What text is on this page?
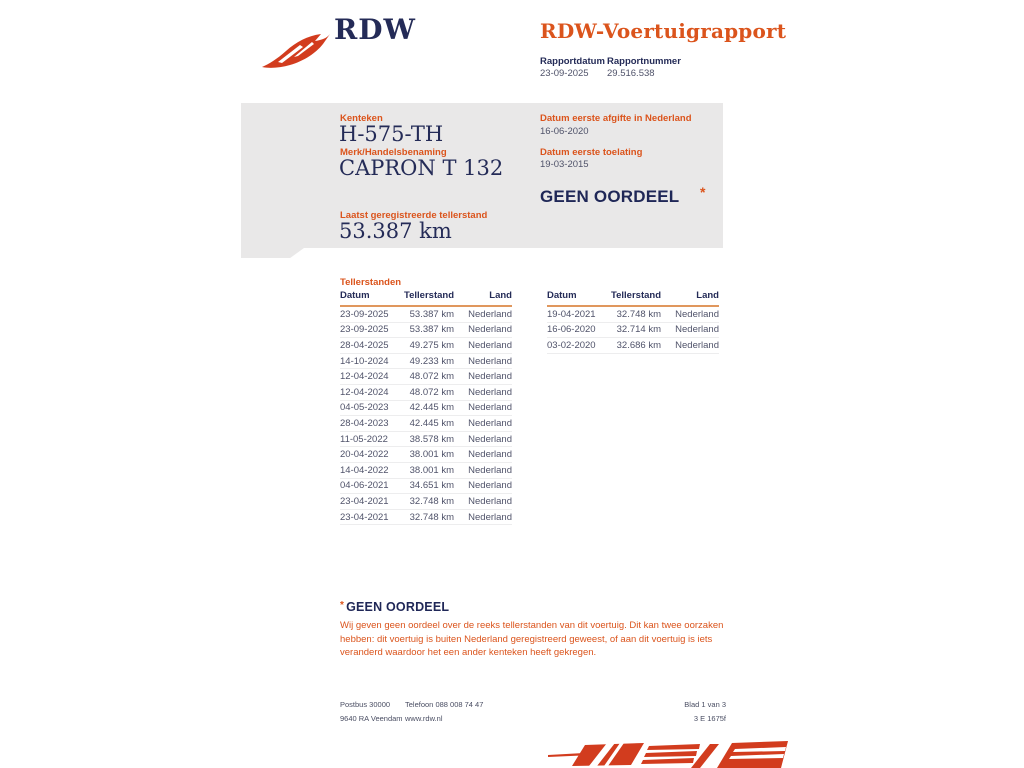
RDW	RDW-Voertuigrapport
Rapportdatum Rapportnummer
23-09-2025 29.516.538
Kenteken
H-575-TH
Merk/Handelsbenaming
CAPRON T 132
Laatst geregistreerde tellerstand
53.387 km
Datum eerste afgifte in Nederland
16-06-2020
Datum eerste toelating
19-03-2015
GEEN OORDEEL *
Tellerstanden
Datum	Tellerstand	Land
23-09-2025	53.387 km	Nederland
23-09-2025	53.387 km	Nederland
28-04-2025	49.275 km	Nederland
14-10-2024	49.233 km	Nederland
12-04-2024	48.072 km	Nederland
12-04-2024	48.072 km	Nederland
04-05-2023	42.445 km	Nederland
28-04-2023	42.445 km	Nederland
11-05-2022	38.578 km	Nederland
20-04-2022	38.001 km	Nederland
14-04-2022	38.001 km	Nederland
04-06-2021	34.651 km	Nederland
23-04-2021	32.748 km	Nederland
23-04-2021	32.748 km	Nederland
Datum	Tellerstand	Land
19-04-2021	32.748 km	Nederland
16-06-2020	32.714 km	Nederland
03-02-2020	32.686 km	Nederland
* GEEN OORDEEL
Wij geven geen oordeel over de reeks tellerstanden van dit voertuig. Dit kan twee oorzaken hebben: dit voertuig is buiten Nederland geregistreerd geweest, of aan dit voertuig is iets veranderd waardoor het een ander kenteken heeft gekregen.
Postbus 30000
9640 RA Veendam
Telefoon 088 008 74 47
www.rdw.nl
Blad 1 van 3
3 E 1675f
